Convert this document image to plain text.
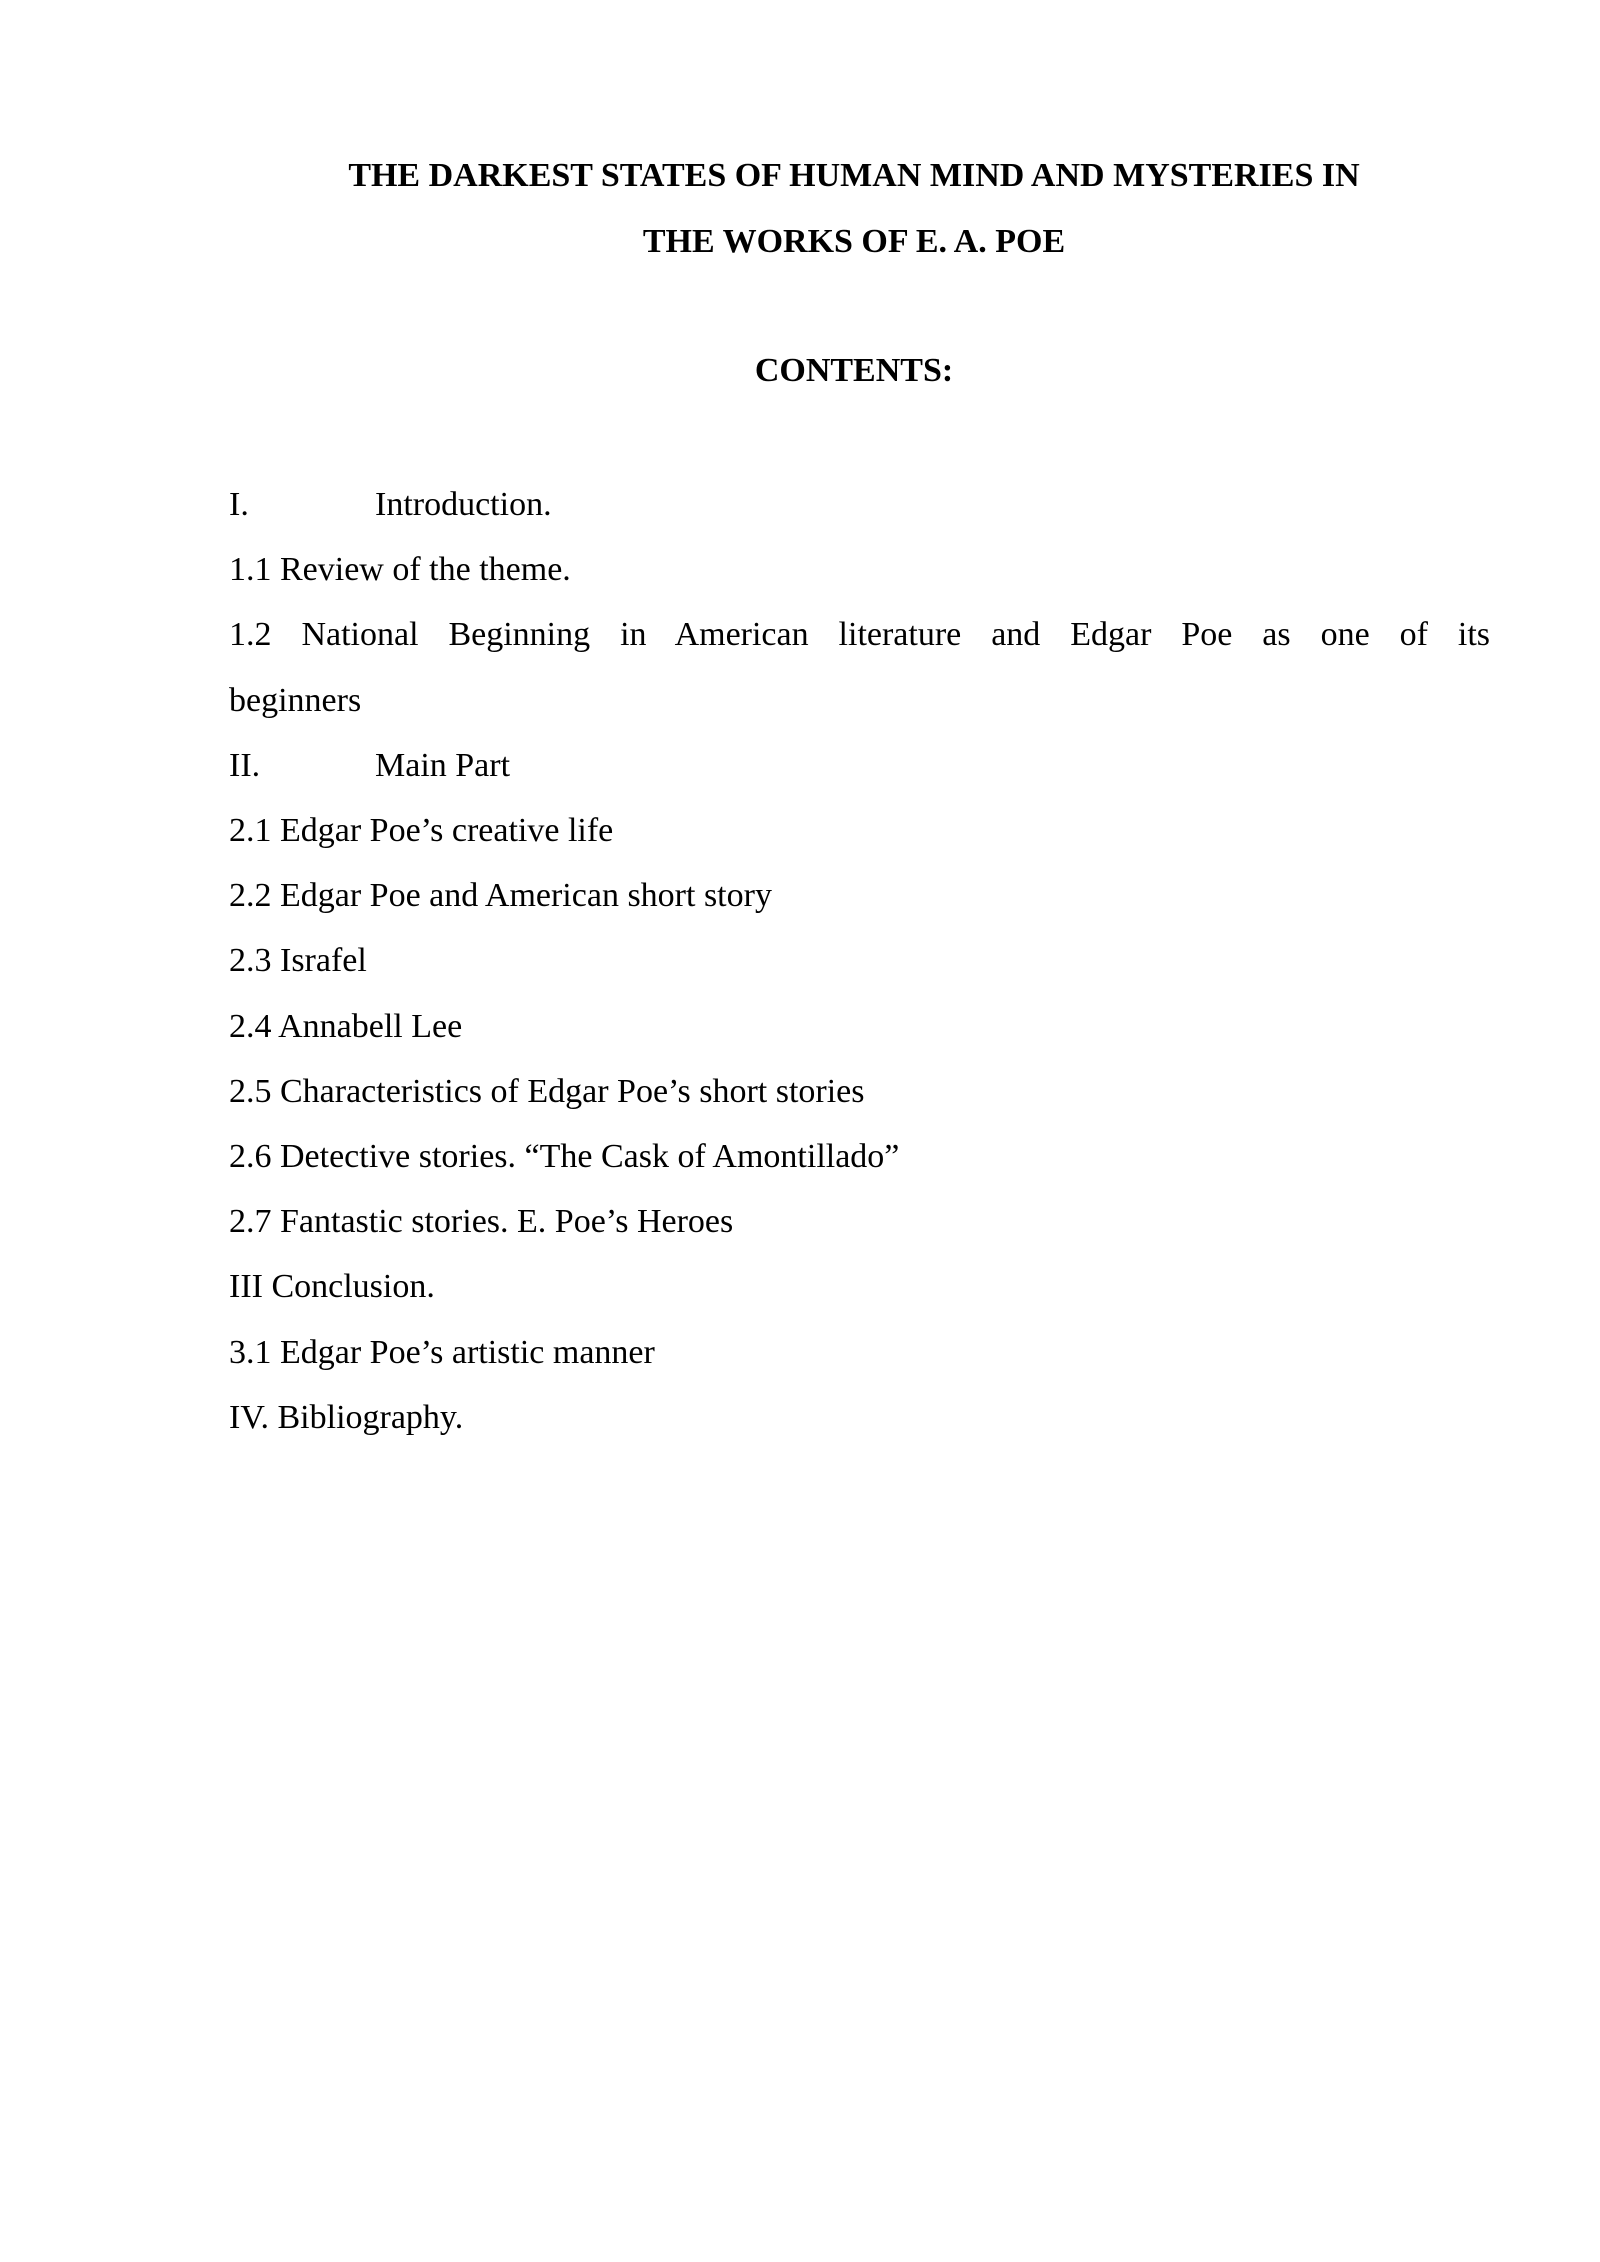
THE DARKEST STATES OF HUMAN MIND AND MYSTERIES IN
THE WORKS OF E. A. POE
CONTENTS:
I.	Introduction.
1.1 Review of the theme.
1.2 National Beginning in American literature and Edgar Poe as one of its
beginners
II.	Main Part
2.1 Edgar Poe’s creative life
2.2 Edgar Poe and American short story
2.3 Israfel
2.4 Annabell Lee
2.5 Characteristics of Edgar Poe’s short stories
2.6 Detective stories. “The Cask of Amontillado”
2.7 Fantastic stories. E. Poe’s Heroes
III Conclusion.
3.1 Edgar Poe’s artistic manner
IV. Bibliography.
